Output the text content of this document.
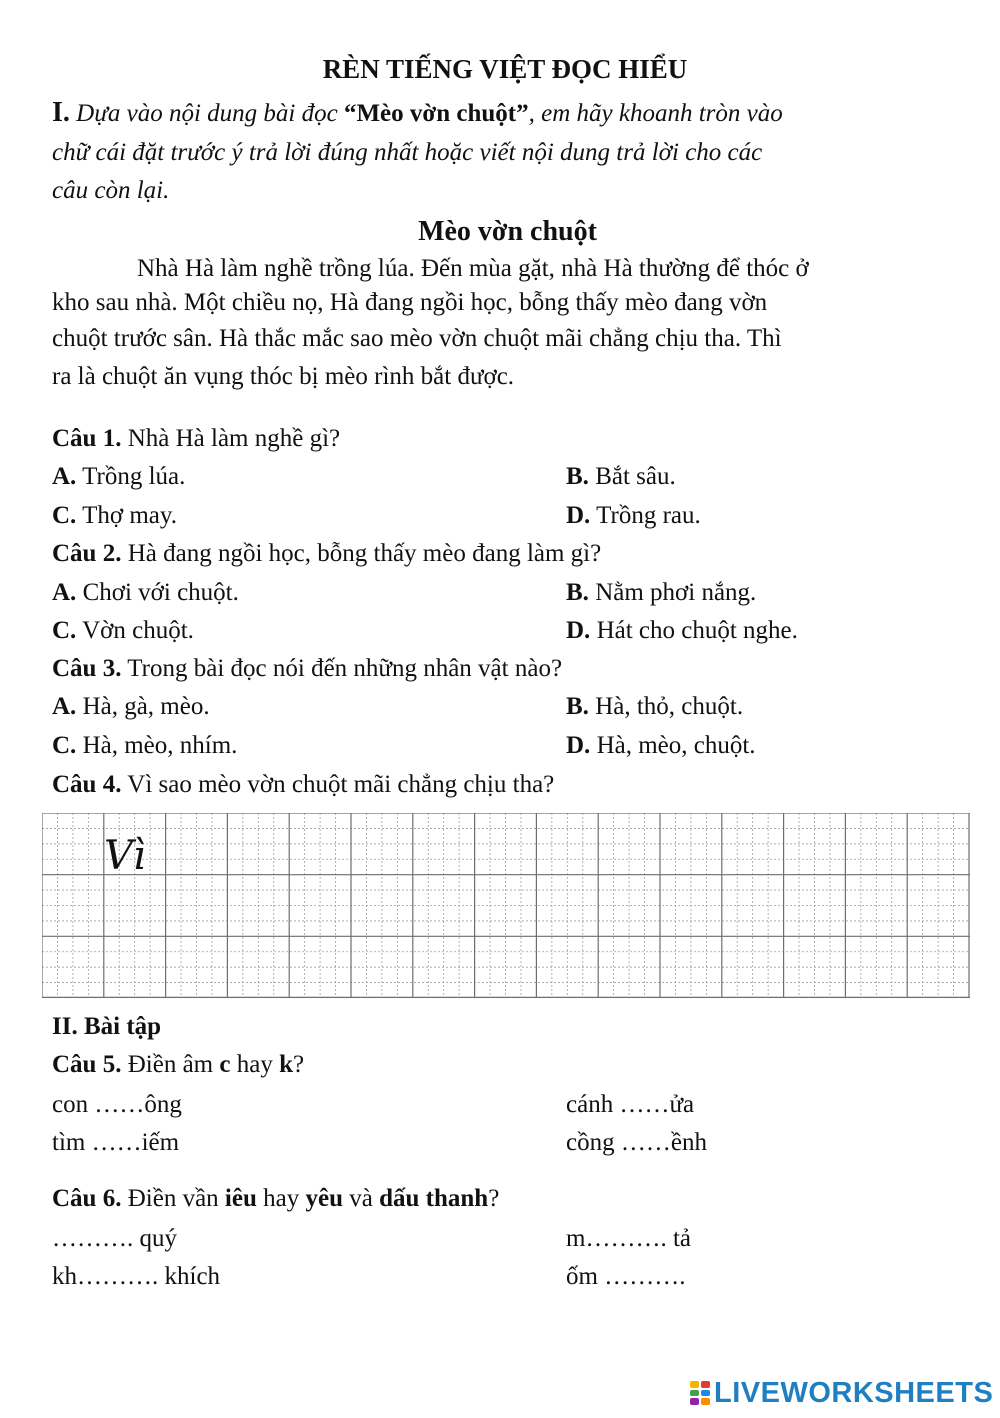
RÈN TIẾNG VIỆT ĐỌC HIỂU
I. Dựa vào nội dung bài đọc “Mèo vờn chuột”, em hãy khoanh tròn vào
chữ cái đặt trước ý trả lời đúng nhất hoặc viết nội dung trả lời cho các
câu còn lại.
Mèo vờn chuột
Nhà Hà làm nghề trồng lúa. Đến mùa gặt, nhà Hà thường để thóc ở
kho sau nhà. Một chiều nọ, Hà đang ngồi học, bỗng thấy mèo đang vờn
chuột trước sân. Hà thắc mắc sao mèo vờn chuột mãi chẳng chịu tha. Thì
ra là chuột ăn vụng thóc bị mèo rình bắt được.
Câu 1. Nhà Hà làm nghề gì?
A. Trồng lúa.	B. Bắt sâu.
C. Thợ may.	D. Trồng rau.
Câu 2. Hà đang ngồi học, bỗng thấy mèo đang làm gì?
A. Chơi với chuột.	B. Nằm phơi nắng.
C. Vờn chuột.	D. Hát cho chuột nghe.
Câu 3. Trong bài đọc nói đến những nhân vật nào?
A. Hà, gà, mèo.	B. Hà, thỏ, chuột.
C. Hà, mèo, nhím.	D. Hà, mèo, chuột.
Câu 4. Vì sao mèo vờn chuột mãi chẳng chịu tha?
Vì
II. Bài tập
Câu 5. Điền âm c hay k?
con ……ông	cánh ……ửa
tìm ……iếm	cồng ……ềnh
Câu 6. Điền vần iêu hay yêu và dấu thanh?
………. quý	m………. tả
kh………. khích	ốm ……….
LIVEWORKSHEETS
